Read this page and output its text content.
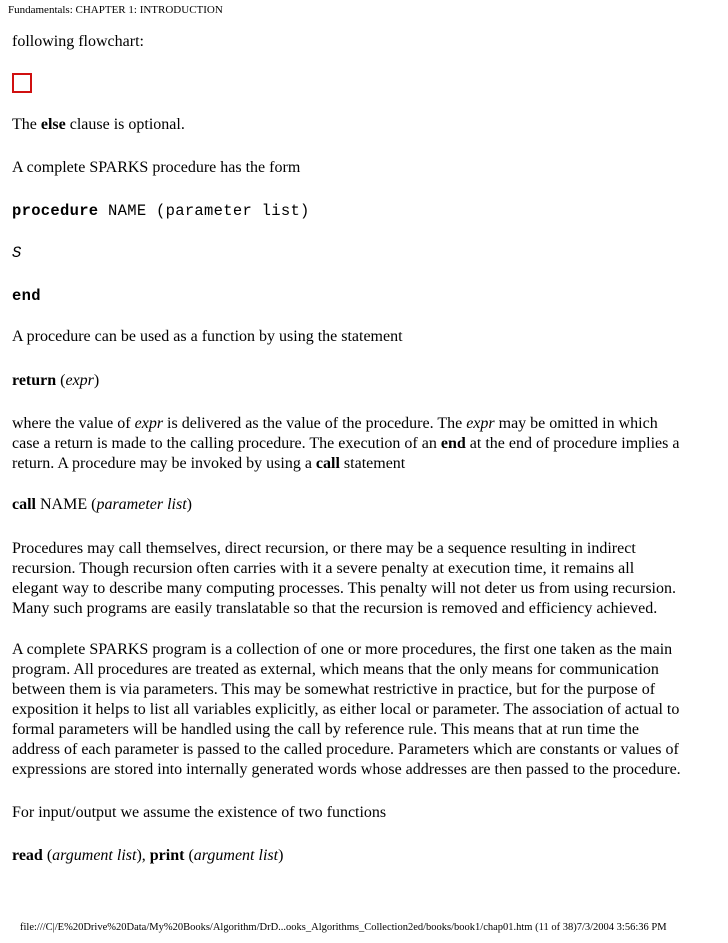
Fundamentals: CHAPTER 1: INTRODUCTION
following flowchart:
The else clause is optional.
A complete SPARKS procedure has the form
procedure NAME (parameter list)
S
end
A procedure can be used as a function by using the statement
return (expr)
where the value of expr is delivered as the value of the procedure. The expr may be omitted in which
case a return is made to the calling procedure. The execution of an end at the end of procedure implies a
return. A procedure may be invoked by using a call statement
call NAME (parameter list)
Procedures may call themselves, direct recursion, or there may be a sequence resulting in indirect
recursion. Though recursion often carries with it a severe penalty at execution time, it remains all
elegant way to describe many computing processes. This penalty will not deter us from using recursion.
Many such programs are easily translatable so that the recursion is removed and efficiency achieved.
A complete SPARKS program is a collection of one or more procedures, the first one taken as the main
program. All procedures are treated as external, which means that the only means for communication
between them is via parameters. This may be somewhat restrictive in practice, but for the purpose of
exposition it helps to list all variables explicitly, as either local or parameter. The association of actual to
formal parameters will be handled using the call by reference rule. This means that at run time the
address of each parameter is passed to the called procedure. Parameters which are constants or values of
expressions are stored into internally generated words whose addresses are then passed to the procedure.
For input/output we assume the existence of two functions
read (argument list), print (argument list)
file:///C|/E%20Drive%20Data/My%20Books/Algorithm/DrD...ooks_Algorithms_Collection2ed/books/book1/chap01.htm (11 of 38)7/3/2004 3:56:36 PM
